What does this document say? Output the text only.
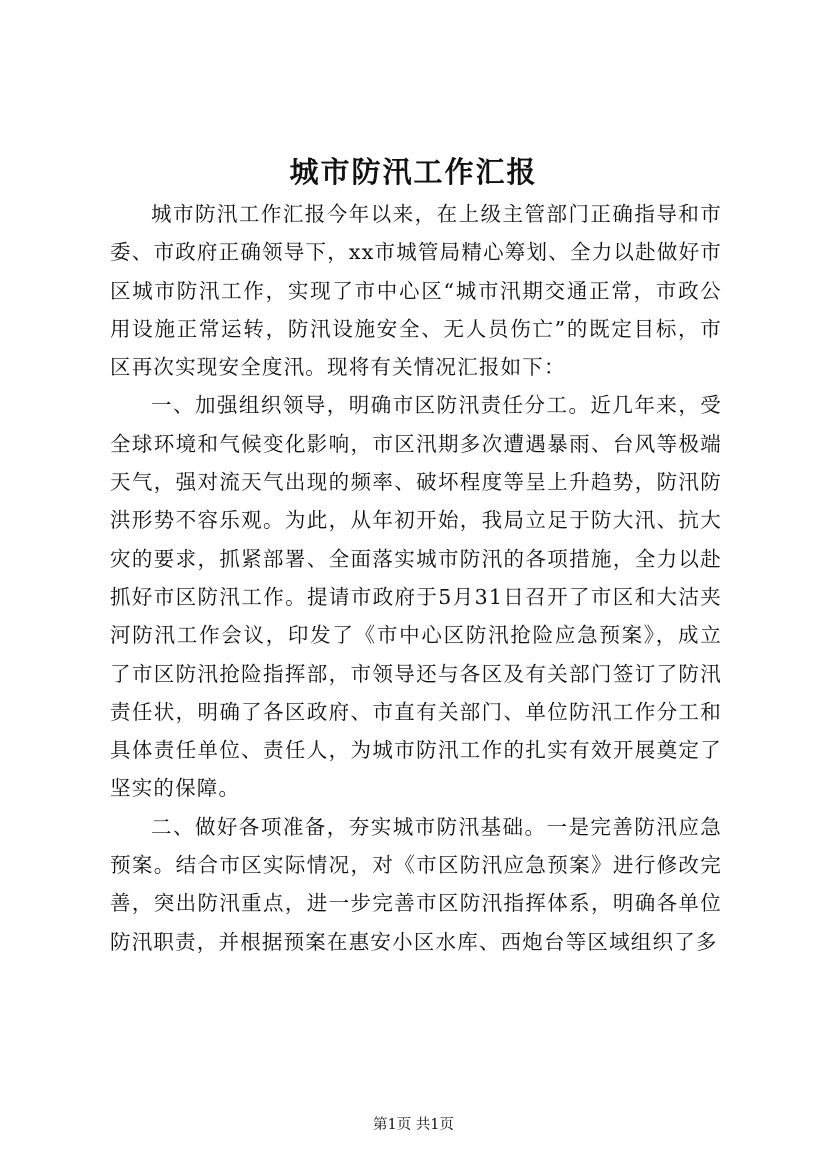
城市防汛工作汇报

城市防汛工作汇报今年以来，在上级主管部门正确指导和市委、市政府正确领导下，xx市城管局精心筹划、全力以赴做好市区城市防汛工作，实现了市中心区“城市汛期交通正常，市政公用设施正常运转，防汛设施安全、无人员伤亡”的既定目标，市区再次实现安全度汛。现将有关情况汇报如下：

一、加强组织领导，明确市区防汛责任分工。近几年来，受全球环境和气候变化影响，市区汛期多次遭遇暴雨、台风等极端天气，强对流天气出现的频率、破坏程度等呈上升趋势，防汛防洪形势不容乐观。为此，从年初开始，我局立足于防大汛、抗大灾的要求，抓紧部署、全面落实城市防汛的各项措施，全力以赴抓好市区防汛工作。提请市政府于5月31日召开了市区和大沽夹河防汛工作会议，印发了《市中心区防汛抢险应急预案》，成立了市区防汛抢险指挥部，市领导还与各区及有关部门签订了防汛责任状，明确了各区政府、市直有关部门、单位防汛工作分工和具体责任单位、责任人，为城市防汛工作的扎实有效开展奠定了坚实的保障。

二、做好各项准备，夯实城市防汛基础。一是完善防汛应急预案。结合市区实际情况，对《市区防汛应急预案》进行修改完善，突出防汛重点，进一步完善市区防汛指挥体系，明确各单位防汛职责，并根据预案在惠安小区水库、西炮台等区域组织了多

第1页 共1页
